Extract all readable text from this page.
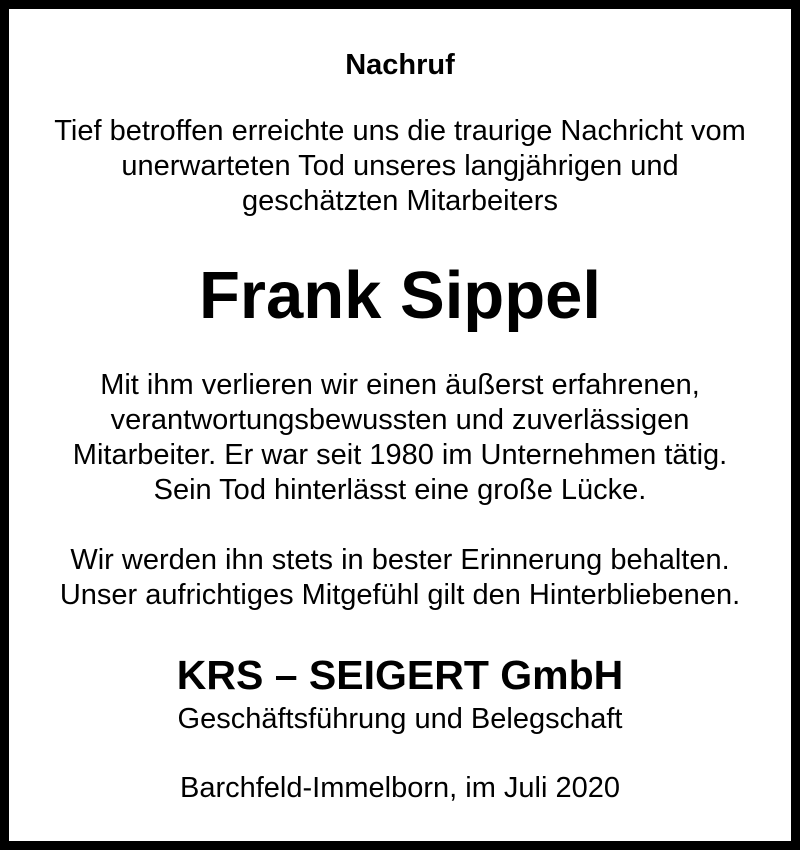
Nachruf
Tief betroffen erreichte uns die traurige Nachricht vom
unerwarteten Tod unseres langjährigen und
geschätzten Mitarbeiters
Frank Sippel
Mit ihm verlieren wir einen äußerst erfahrenen,
verantwortungsbewussten und zuverlässigen
Mitarbeiter. Er war seit 1980 im Unternehmen tätig.
Sein Tod hinterlässt eine große Lücke.
Wir werden ihn stets in bester Erinnerung behalten.
Unser aufrichtiges Mitgefühl gilt den Hinterbliebenen.
KRS – SEIGERT GmbH
Geschäftsführung und Belegschaft
Barchfeld-Immelborn, im Juli 2020
